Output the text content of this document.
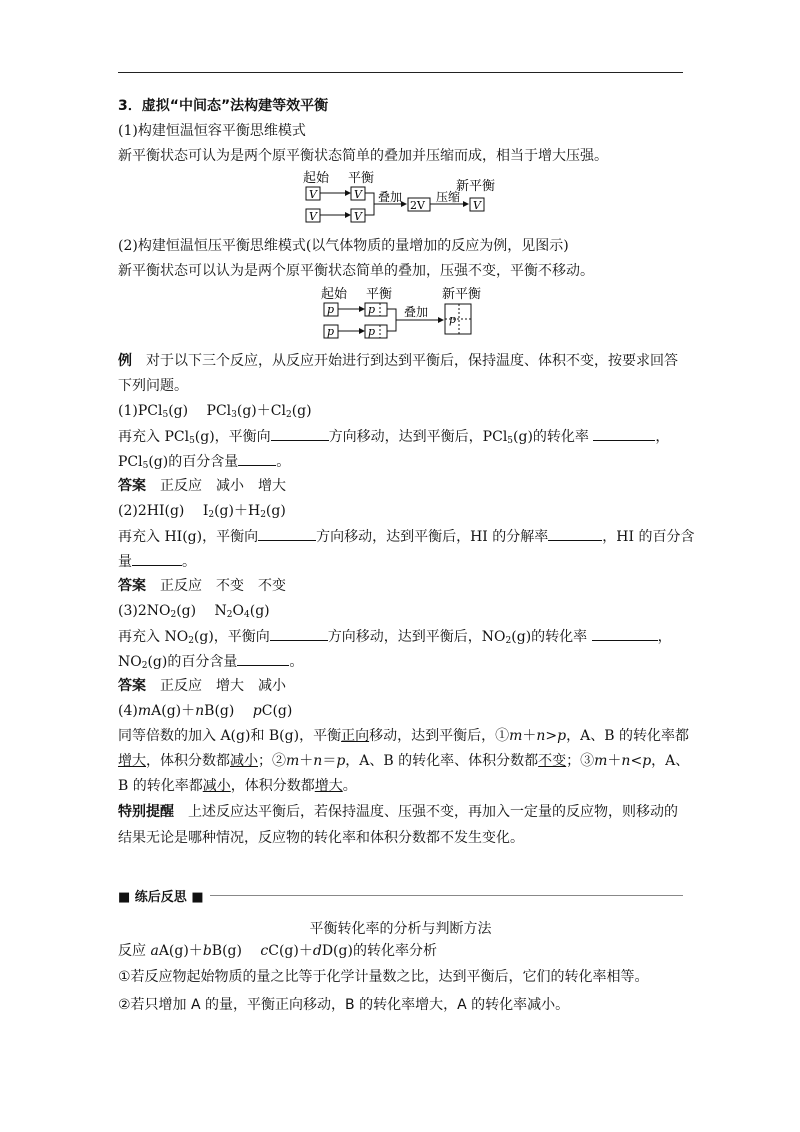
3．虚拟“中间态”法构建等效平衡
(1)构建恒温恒容平衡思维模式
新平衡状态可认为是两个原平衡状态简单的叠加并压缩而成，相当于增大压强。
起始 平衡
V	V
V	V
叠加
2V
压缩
新平衡
V
(2)构建恒温恒压平衡思维模式(以气体物质的量增加的反应为例，见图示)
新平衡状态可以认为是两个原平衡状态简单的叠加，压强不变，平衡不移动。
起始 平衡
p	p
p	p
叠加
新平衡
p
例　 对于以下三个反应，从反应开始进行到达到平衡后，保持温度、体积不变，按要求回答
下列问题。
(1)PCl$_5$(g)　 $PCl_3(g)+Cl_2(g)$
再充入 PCl$_5$(g)，平衡向	方向移动，达到平衡后，PCl$_5$(g)的转化率	，
PCl$_5$(g)的百分含量	。
答案　 正反应　减小　增大
(2)2HI(g)　 $I_2(g)+H_2(g)$
再充入 HI(g)，平衡向	方向移动，达到平衡后，HI 的分解率	，HI 的百分含
量	。
答案　 正反应　不变　不变
$(3)2NO_2(g)$　 $N_2O_4(g)$
再充入 $NO_2(g)$，平衡向	方向移动，达到平衡后，$NO_2(g)$的转化率	，
$NO_2(g)$的百分含量	。
答案　 正反应　增大　减小
(4)mA(g)＋nB(g)　 pC(g)
同等倍数的加入 A(g)和 B(g)，平衡正向移动，达到平衡后，①m＋n>p，A、B 的转化率都
增大，体积分数都减小；②m＋n＝p，A、B 的转化率、体积分数都不变；③m＋n<p，A、
B 的转化率都减小，体积分数都增大。
特别提醒　 上述反应达平衡后，若保持温度、压强不变，再加入一定量的反应物，则移动的
结果无论是哪种情况，反应物的转化率和体积分数都不发生变化。
■ 练后反思 ■
平衡转化率的分析与判断方法
反应 aA(g)＋bB(g)　 cC(g)＋dD(g)的转化率分析
①若反应物起始物质的量之比等于化学计量数之比，达到平衡后，它们的转化率相等。
②若只增加 A 的量，平衡正向移动，B 的转化率增大，A 的转化率减小。
